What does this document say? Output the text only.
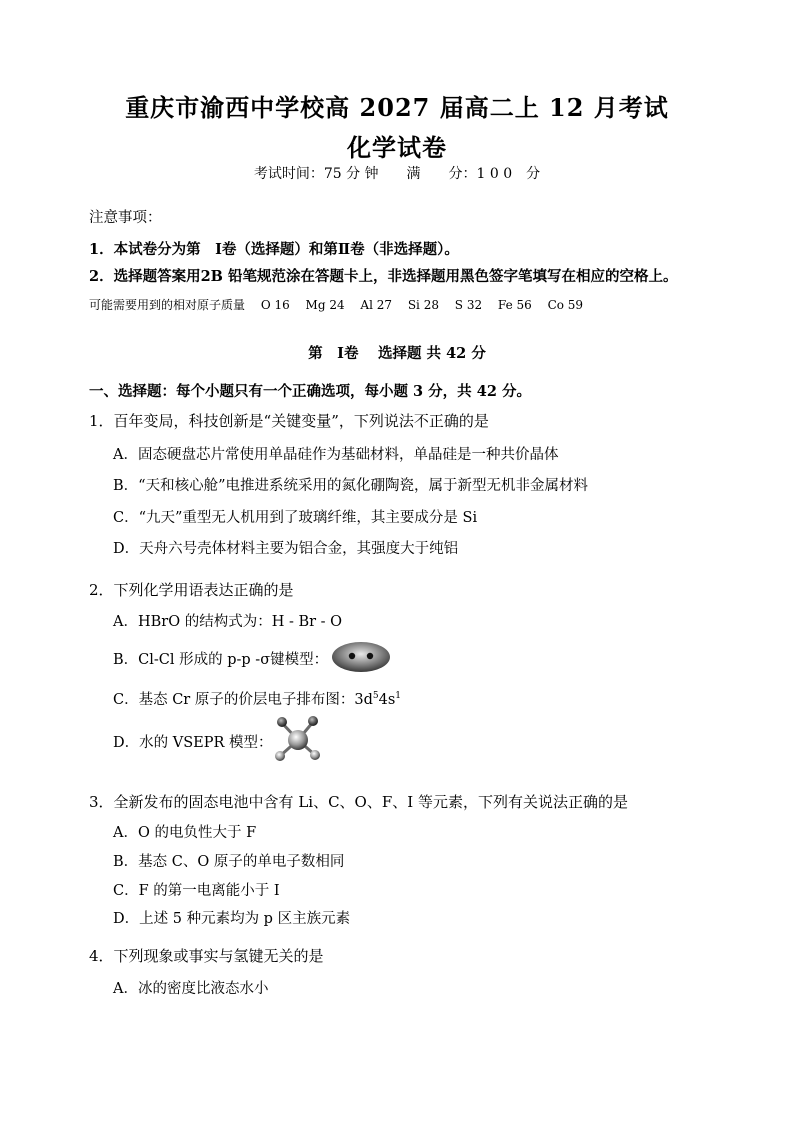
重庆市渝西中学校高 2027 届高二上 12 月考试
化学试卷
考试时间：75 分 钟　　满　　分：1 0 0　分
注意事项：
1．本试卷分为第　Ⅰ卷（选择题）和第Ⅱ卷（非选择题）。
2．选择题答案用2B 铅笔规范涂在答题卡上，非选择题用黑色签字笔填写在相应的空格上。
可能需要用到的相对原子质量　 O 16　 Mg 24　 Al 27　 Si 28　 S 32　 Fe 56　 Co 59
第　Ⅰ卷　 选择题 共 42 分
一、选择题：每个小题只有一个正确选项，每小题 3 分，共 42 分。
1．百年变局，科技创新是“关键变量”，下列说法不正确的是
A．固态硬盘芯片常使用单晶硅作为基础材料，单晶硅是一种共价晶体
B．“天和核心舱”电推进系统采用的氮化硼陶瓷，属于新型无机非金属材料
C．“九天”重型无人机用到了玻璃纤维，其主要成分是 Si
D．天舟六号壳体材料主要为铝合金，其强度大于纯铝
2．下列化学用语表达正确的是
A．HBrO 的结构式为：H - Br - O
B．Cl-Cl 形成的 p-p -σ键模型：
C．基态 Cr 原子的价层电子排布图：$3d^54s^1$
D．水的 VSEPR 模型：
3．全新发布的固态电池中含有 Li、C、O、F、I 等元素，下列有关说法正确的是
A．O 的电负性大于 F
B．基态 C、O 原子的单电子数相同
C．F 的第一电离能小于 I
D．上述 5 种元素均为 p 区主族元素
4．下列现象或事实与氢键无关的是
A．冰的密度比液态水小
